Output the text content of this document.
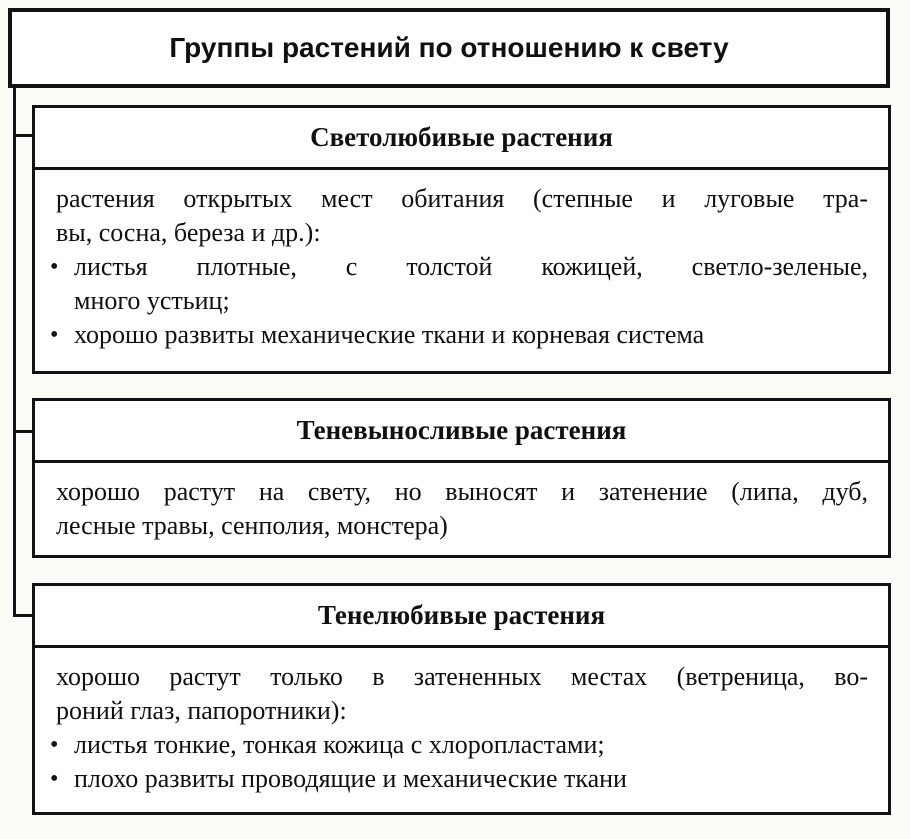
Группы растений по отношению к свету
Светолюбивые растения
растения открытых мест обитания (степные и луговые тра-
вы, сосна, береза и др.):
• листья плотные, с толстой кожицей, светло-зеленые,
много устьиц;
• хорошо развиты механические ткани и корневая система
Теневыносливые растения
хорошо растут на свету, но выносят и затенение (липа, дуб,
лесные травы, сенполия, монстера)
Тенелюбивые растения
хорошо растут только в затененных местах (ветреница, во-
роний глаз, папоротники):
• листья тонкие, тонкая кожица с хлоропластами;
• плохо развиты проводящие и механические ткани
